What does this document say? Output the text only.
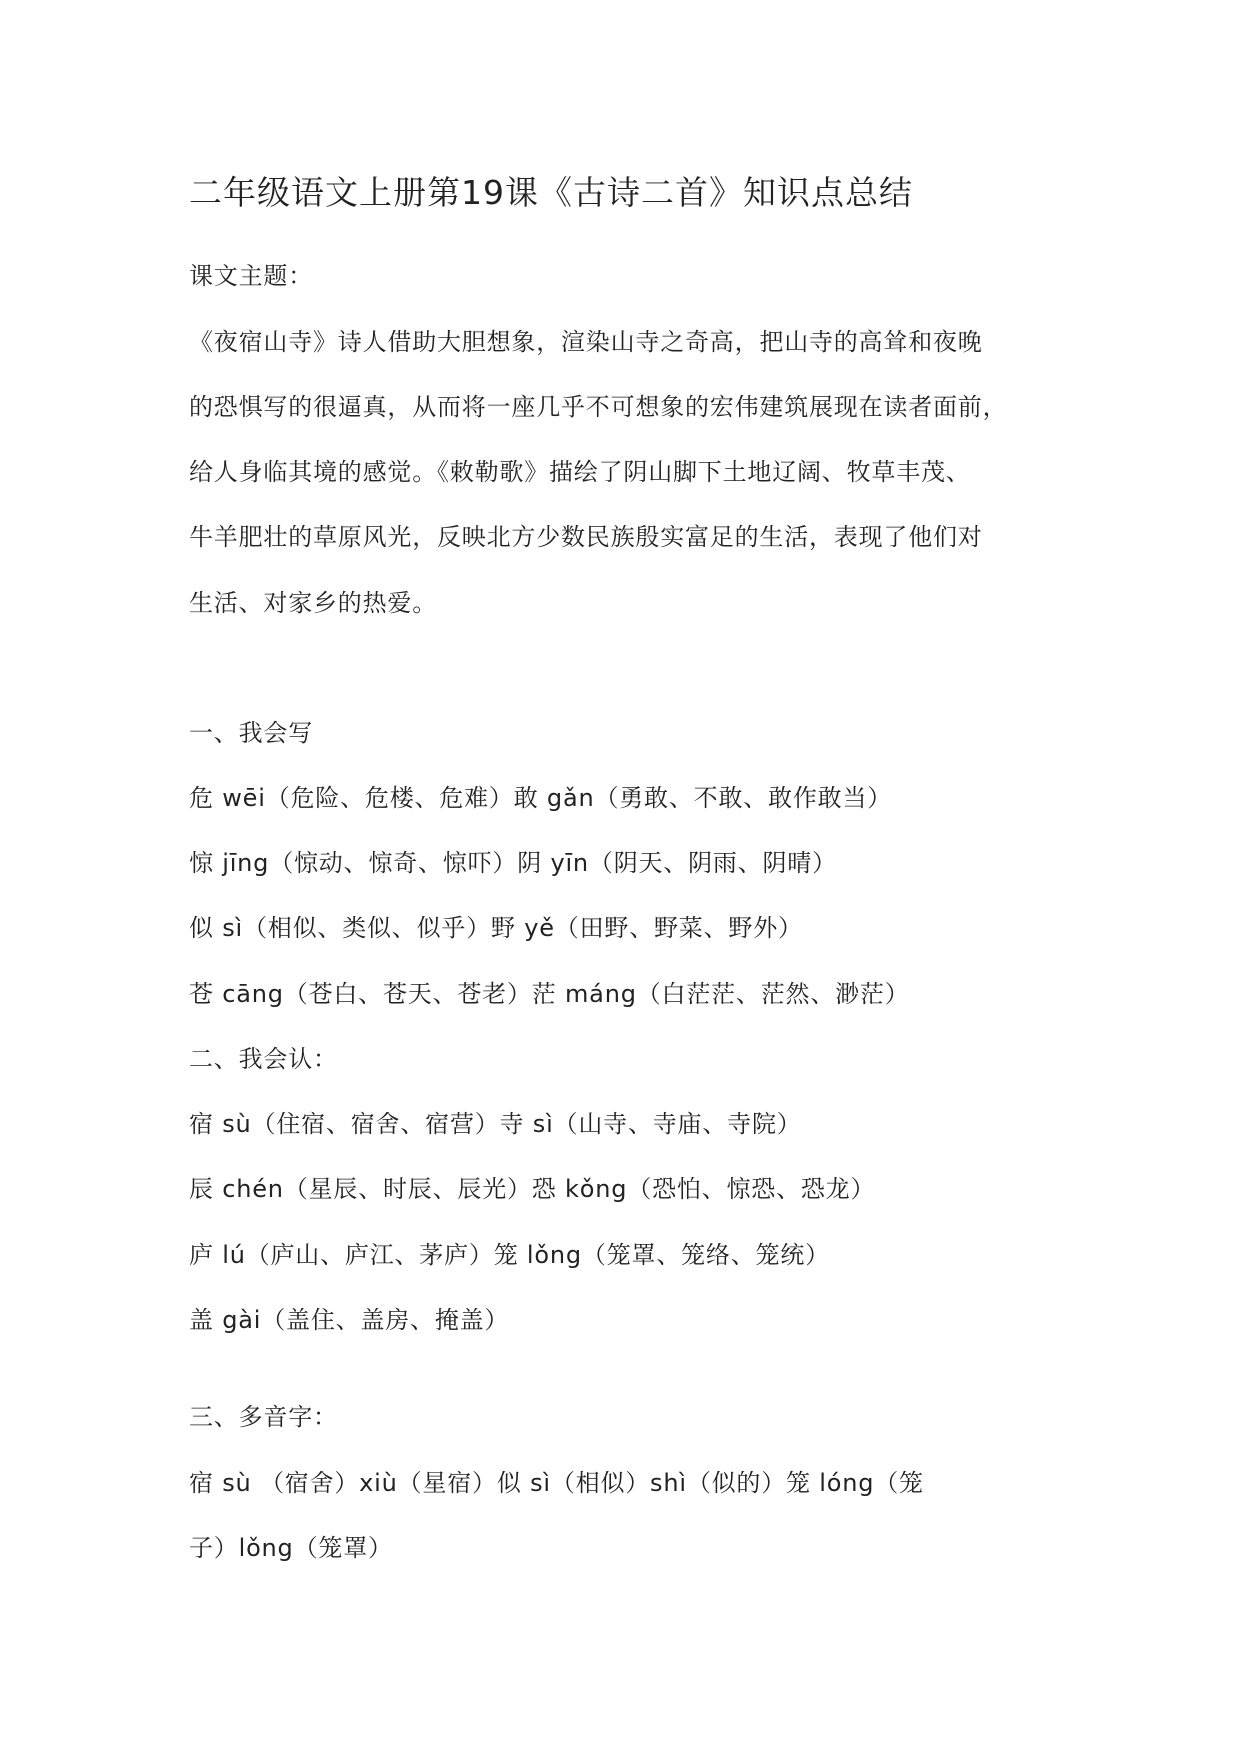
二年级语文上册第19课《古诗二首》知识点总结
课文主题：
《夜宿山寺》诗人借助大胆想象，渲染山寺之奇高，把山寺的高耸和夜晚
的恐惧写的很逼真，从而将一座几乎不可想象的宏伟建筑展现在读者面前，
给人身临其境的感觉。《敕勒歌》描绘了阴山脚下土地辽阔、牧草丰茂、
牛羊肥壮的草原风光，反映北方少数民族殷实富足的生活，表现了他们对
生活、对家乡的热爱。
一、我会写
危 wēi（危险、危楼、危难）敢 gǎn（勇敢、不敢、敢作敢当）
惊 jīng（惊动、惊奇、惊吓）阴 yīn（阴天、阴雨、阴晴）
似 sì（相似、类似、似乎）野 yě（田野、野菜、野外）
苍 cāng（苍白、苍天、苍老）茫 máng（白茫茫、茫然、渺茫）
二、我会认：
宿 sù（住宿、宿舍、宿营）寺 sì（山寺、寺庙、寺院）
辰 chén（星辰、时辰、辰光）恐 kǒng（恐怕、惊恐、恐龙）
庐 lú（庐山、庐江、茅庐）笼 lǒng（笼罩、笼络、笼统）
盖 gài（盖住、盖房、掩盖）
三、多音字：
宿 sù （宿舍）xiù（星宿）似 sì（相似）shì（似的）笼 lóng（笼
子）lǒng（笼罩）
